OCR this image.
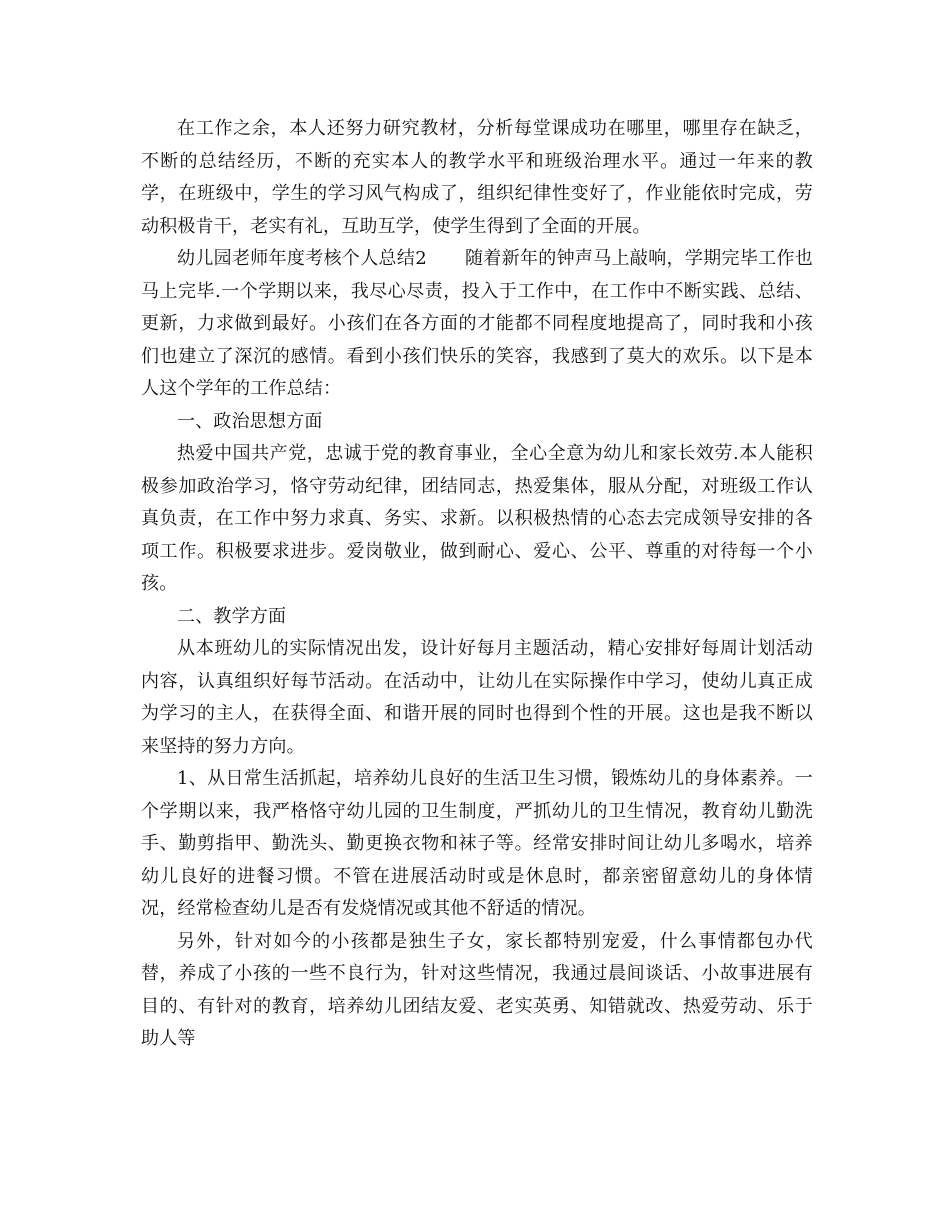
在工作之余，本人还努力研究教材，分析每堂课成功在哪里，哪里存在缺乏，不断的总结经历，不断的充实本人的教学水平和班级治理水平。通过一年来的教学，在班级中，学生的学习风气构成了，组织纪律性变好了，作业能依时完成，劳动积极肯干，老实有礼，互助互学，使学生得到了全面的开展。

幼儿园老师年度考核个人总结2 随着新年的钟声马上敲响，学期完毕工作也马上完毕.一个学期以来，我尽心尽责，投入于工作中，在工作中不断实践、总结、更新，力求做到最好。小孩们在各方面的才能都不同程度地提高了，同时我和小孩们也建立了深沉的感情。看到小孩们快乐的笑容，我感到了莫大的欢乐。以下是本人这个学年的工作总结：

一、政治思想方面

热爱中国共产党，忠诚于党的教育事业，全心全意为幼儿和家长效劳.本人能积极参加政治学习，恪守劳动纪律，团结同志，热爱集体，服从分配，对班级工作认真负责，在工作中努力求真、务实、求新。以积极热情的心态去完成领导安排的各项工作。积极要求进步。爱岗敬业，做到耐心、爱心、公平、尊重的对待每一个小孩。

二、教学方面

从本班幼儿的实际情况出发，设计好每月主题活动，精心安排好每周计划活动内容，认真组织好每节活动。在活动中，让幼儿在实际操作中学习，使幼儿真正成为学习的主人，在获得全面、和谐开展的同时也得到个性的开展。这也是我不断以来坚持的努力方向。

1、从日常生活抓起，培养幼儿良好的生活卫生习惯，锻炼幼儿的身体素养。一个学期以来，我严格恪守幼儿园的卫生制度，严抓幼儿的卫生情况，教育幼儿勤洗手、勤剪指甲、勤洗头、勤更换衣物和袜子等。经常安排时间让幼儿多喝水，培养幼儿良好的进餐习惯。不管在进展活动时或是休息时，都亲密留意幼儿的身体情况，经常检查幼儿是否有发烧情况或其他不舒适的情况。

另外，针对如今的小孩都是独生子女，家长都特别宠爱，什么事情都包办代替，养成了小孩的一些不良行为，针对这些情况，我通过晨间谈话、小故事进展有目的、有针对的教育，培养幼儿团结友爱、老实英勇、知错就改、热爱劳动、乐于助人等
